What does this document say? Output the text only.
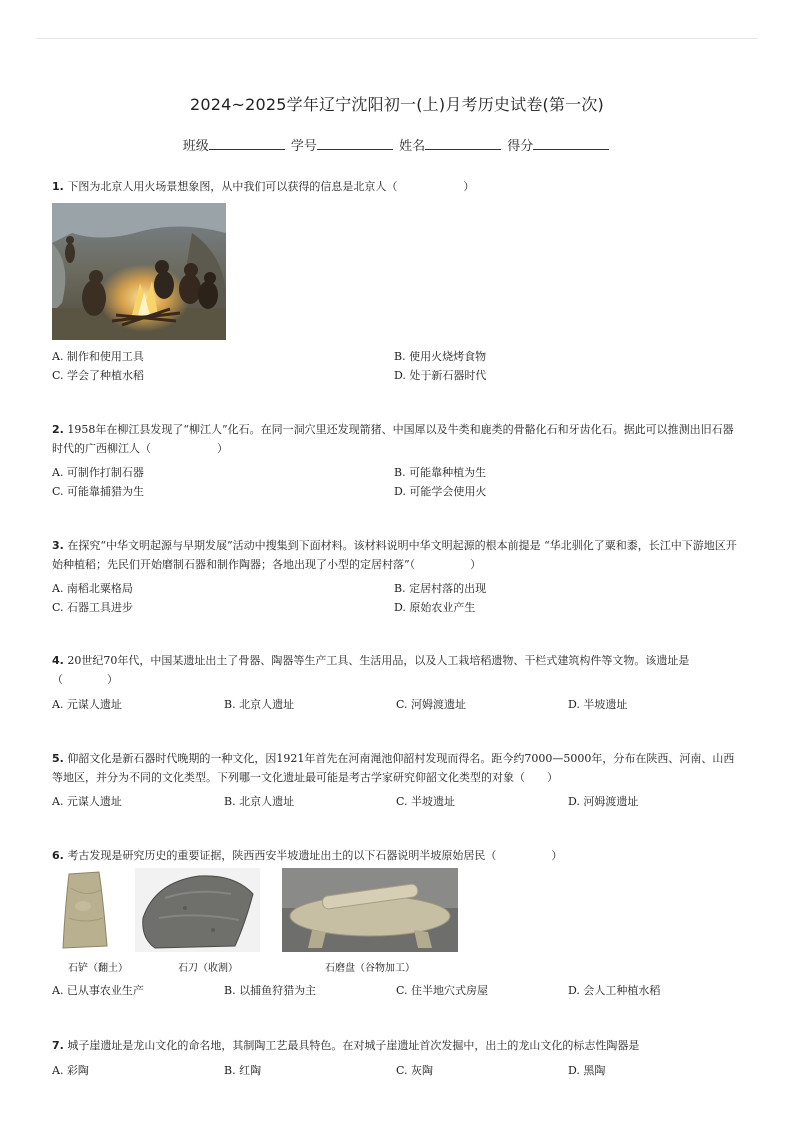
2024~2025学年辽宁沈阳初一(上)月考历史试卷(第一次)
班级	学号	姓名	得分

1. 下图为北京人用火场景想象图，从中我们可以获得的信息是北京人（　　　　　　）

A. 制作和使用工具	B. 使用火烧烤食物
C. 学会了种植水稻	D. 处于新石器时代

2. 1958年在柳江县发现了“柳江人”化石。在同一洞穴里还发现箭猪、中国犀以及牛类和鹿类的骨骼化石和牙齿化石。据此可以推测出旧石器时代的广西柳江人（　　　　　　）

A. 可制作打制石器	B. 可能靠种植为生
C. 可能靠捕猎为生	D. 可能学会使用火

3. 在探究“中华文明起源与早期发展”活动中搜集到下面材料。该材料说明中华文明起源的根本前提是 “华北驯化了粟和黍，长江中下游地区开始种植稻；先民们开始磨制石器和制作陶器；各地出现了小型的定居村落”（　　　　　）

A. 南稻北粟格局	B. 定居村落的出现
C. 石器工具进步	D. 原始农业产生

4. 20世纪70年代，中国某遗址出土了骨器、陶器等生产工具、生活用品，以及人工栽培稻遗物、干栏式建筑构件等文物。该遗址是（　　　　）

A. 元谋人遗址	B. 北京人遗址	C. 河姆渡遗址	D. 半坡遗址

5. 仰韶文化是新石器时代晚期的一种文化，因1921年首先在河南渑池仰韶村发现而得名。距今约7000—5000年，分布在陕西、河南、山西等地区，并分为不同的文化类型。下列哪一文化遗址最可能是考古学家研究仰韶文化类型的对象（　　）

A. 元谋人遗址	B. 北京人遗址	C. 半坡遗址	D. 河姆渡遗址

6. 考古发现是研究历史的重要证据，陕西西安半坡遗址出土的以下石器说明半坡原始居民（　　　　　）

石铲（翻土）	石刀（收割）	石磨盘（谷物加工）
A. 已从事农业生产	B. 以捕鱼狩猎为主	C. 住半地穴式房屋	D. 会人工种植水稻

7. 城子崖遗址是龙山文化的命名地，其制陶工艺最具特色。在对城子崖遗址首次发掘中，出土的龙山文化的标志性陶器是

A. 彩陶	B. 红陶	C. 灰陶	D. 黑陶
